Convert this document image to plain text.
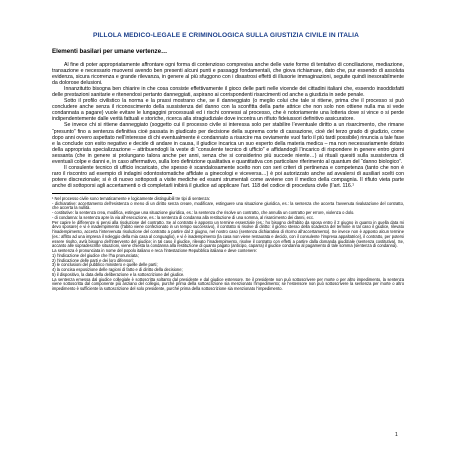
PILLOLA MEDICO-LEGALE E CRIMINOLOGICA SULLA GIUSTIZIA CIVILE IN ITALIA
Elementi basilari per umane vertenze…

Al fine di poter appropriatamente affrontare ogni forma di contenzioso compresiva anche delle varie forme di tentativo di conciliazione, mediazione, transazione e necessario muoversi avendo ben presenti alcuni punti e passaggi fondamentali, che giova richiamare, dato che, pur essendo di assoluta evidenza, sicura ricorrenza e grande rilevanza, in genere al più sfuggono con i disastrosi effetti di illusorie immaginazioni, seguite quindi inesorabilmente da dolorose delusioni.

Innanzitutto bisogna ben chiarire in che cosa consiste effettivamente il gioco delle parti nelle vicende dei cittadini italiani che, essendo insoddisfatti delle prestazioni sanitarie e ritenendosi pertanto danneggiati, aspirano ai corrispondenti risarcimenti od anche a giustizia in sede penale.

Sotto il profilo civilistico la norma e la prassi mostrano che, se il danneggiato (o meglio colui che tale si ritiene, prima che il processo si può concludere anche senza il riconoscimento della sussistenza del danno con la sconfitta della parte attrice che non solo non ottiene nulla ma si vede condannata a pagare) vuole evitare le lungaggini processuali ed i rischi connessi al processo, che è notoriamente una lotteria dove si vince o si perde indipendentemente dalle verità fattuali e storiche, ricerca alla stragiudiziale dove incontra un rifiuto fideiussori definitivo assicuratore.

Se invece chi si ritiene danneggiato (soggetto cui il processo civile si interessa solo per stabilire l’eventuale diritto a un risarcimento, che rimane “presunto” fino a sentenza definitiva cioè passata in giudicato per decisione della suprema corte di cassazione, cioè del terzo grado di giudizio, come dopo anni ovvero aspettato nell’interesse di chi eventualmente è condannato a risarcire ma ovviamente vuol farlo il più tardi possibile) rinuncia a tale fase e la conclude con esito negativo e decide di andare in causa, il giudice incarica un suo esperto della materia medica – ma non necessariamente dotato della appropriata specializzazione – attribuendogli la veste di “consulente tecnico di ufficio” e affidandogli l’incarico di rispondere in genere entro giorni sessanta (che in genere si prolungano talora anche per anni, senza che si considerino più succede niente…) ai rituali quesiti sulla sussistenza di eventuali colpe e danni e, in caso affermativo, sulla loro definizione qualitativa e quantitativa con particolare riferimento al quantum del “danno biologico”.

Il consulente tecnico di ufficio incaricato, che spesso è scandalosamente scelto non con seri criteri di pertinenza e competenza (tanto che non è raro il riscontro ad esempio di indagini odontostomatiche affidate a ginecologi e viceversa…) è poi autorizzato anche ad avvalersi di ausiliari scelti con potere discrezionale; si è di nuovo sottoposti a visite mediche ed esami strumentali come avviene con il medico della compagnia. Il rifiuto vieta parte anche di sottoporsi agli accertamenti o di completarli inibirà il giudice ad applicare l’art. 118 del codice di procedura civile (l’art. 116.¹

¹ Nel processo civile sono tematicamente e logicamente distinguibili tre tipi di sentenza:

- dichiarative: accertamento dell’esistenza o meno di un diritto senza creare, modificare, estinguere una situazione giuridica, es.: la sentenza che accerta l’avvenuta rivalutazione del contratto, che accerta la nullità.

- costitutive: la sentenza crea, modifica, estingue una situazione giuridica, es.: la sentenza che risolve un contratto, che annulla un contratto per errore, violenza o dolo.

- di condanna: la sentenza apre la via all’esecuzione, es.: la sentenza di condanna alla restituzione di una somma, al risarcimento dei danni, ecc.

Per capire le differenze si pensi alla risoluzione del contratto. Se al contratto è apposto un termine essenziale (es.: ho bisogno dell’abito da sposa entro il 2 giugno in quanto in quella data mi devo sposare) e vi è inadempimento (l’abito viene confezionato in un tempo successivo), il contratto si risolve di diritto: il giorno stesso della scadenza del termine in tal caso il giudice, rilevato l’inadempimento, accerta l’intervenuta risoluzione del contratto a partire dal 2 giugno, nel nostro caso (sentenza dichiarativa di ritorno all’accertamento). Se invece non è apposto alcun termine (es.: affitto ad una impresa il noleggio della mia casa al conguaglio), e vi è inadempimento (la casa non viene restaurata e decido, con il consulente l’impresa appaltatrice), il contratto, per potersi essere risolto, avrà bisogno dell’intervento del giudice; in tal caso il giudice, rilevato l’inadempimento, risolve il contratto con effetti a partire dalla domanda giudiziale (sentenza costitutiva). Se, accanto alle sopradescritte situazioni, viene chiesta la condanna alla restituzione di quanto pagato (anticipo, caparra) il giudice condanna al pagamento di tale somma (sentenza di condanna).

La sentenza è pronunciata in nome del popolo italiano e reca l’intestazione Repubblica italiana e deve contenere:

1) l’indicazione del giudice che l’ha pronunciata;

2) l’indicazione delle parti e dei loro difensori;

3) le conclusioni del pubblico ministero e quelle delle parti;

4) la concisa esposizione delle ragioni di fatto e di diritto della decisione;

5) il dispositivo, la data della deliberazione e la sottoscrizione del giudice.

La sentenza emessa dal giudice collegiale è sottoscritta soltanto dal presidente e dal giudice estensore. Se il presidente non può sottoscrivere per morte o per altro impedimento, la sentenza viene sottoscritta dal componente più anziano del collegio, purché prima della sottoscrizione sia menzionato l’impedimento; se l’estensore non può sottoscrivere la sentenza per morte o altro impedimento è sufficiente la sottoscrizione del solo presidente, purché prima della sottoscrizione sia menzionato l’impedimento.

1
